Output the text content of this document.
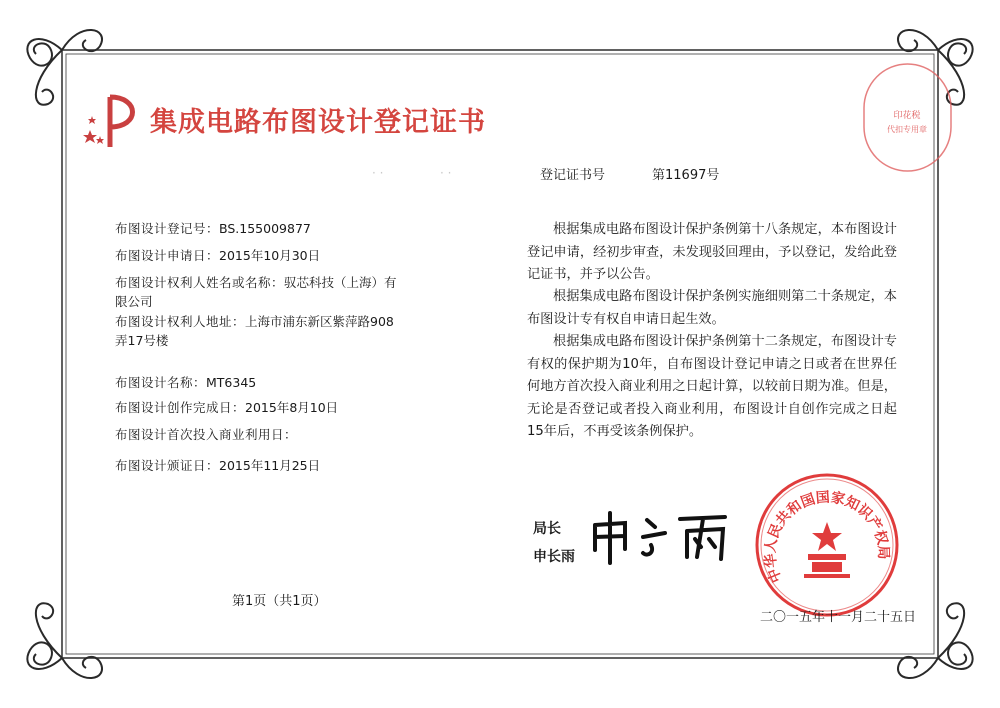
集成电路布图设计登记证书	印花税
代扣专用章
登记证书号	第11697号
· ·	· ·
布图设计登记号：BS.155009877
布图设计申请日：2015年10月30日
布图设计权利人姓名或名称：驭芯科技（上海）有
限公司
布图设计权利人地址：上海市浦东新区紫萍路908
弄17号楼
布图设计名称：MT6345
布图设计创作完成日：2015年8月10日
布图设计首次投入商业利用日：
布图设计颁证日：2015年11月25日
根据集成电路布图设计保护条例第十八条规定，本布图设计登记申请，经初步审查，未发现驳回理由，予以登记，发给此登记证书，并予以公告。
根据集成电路布图设计保护条例实施细则第二十条规定，本布图设计专有权自申请日起生效。
根据集成电路布图设计保护条例第十二条规定，布图设计专有权的保护期为10年，自布图设计登记申请之日或者在世界任何地方首次投入商业利用之日起计算，以较前日期为准。但是，无论是否登记或者投入商业利用，布图设计自创作完成之日起15年后，不再受该条例保护。
局长
申长雨
中华人民共和国国家知识产权局
第1页（共1页）
二〇一五年十一月二十五日
